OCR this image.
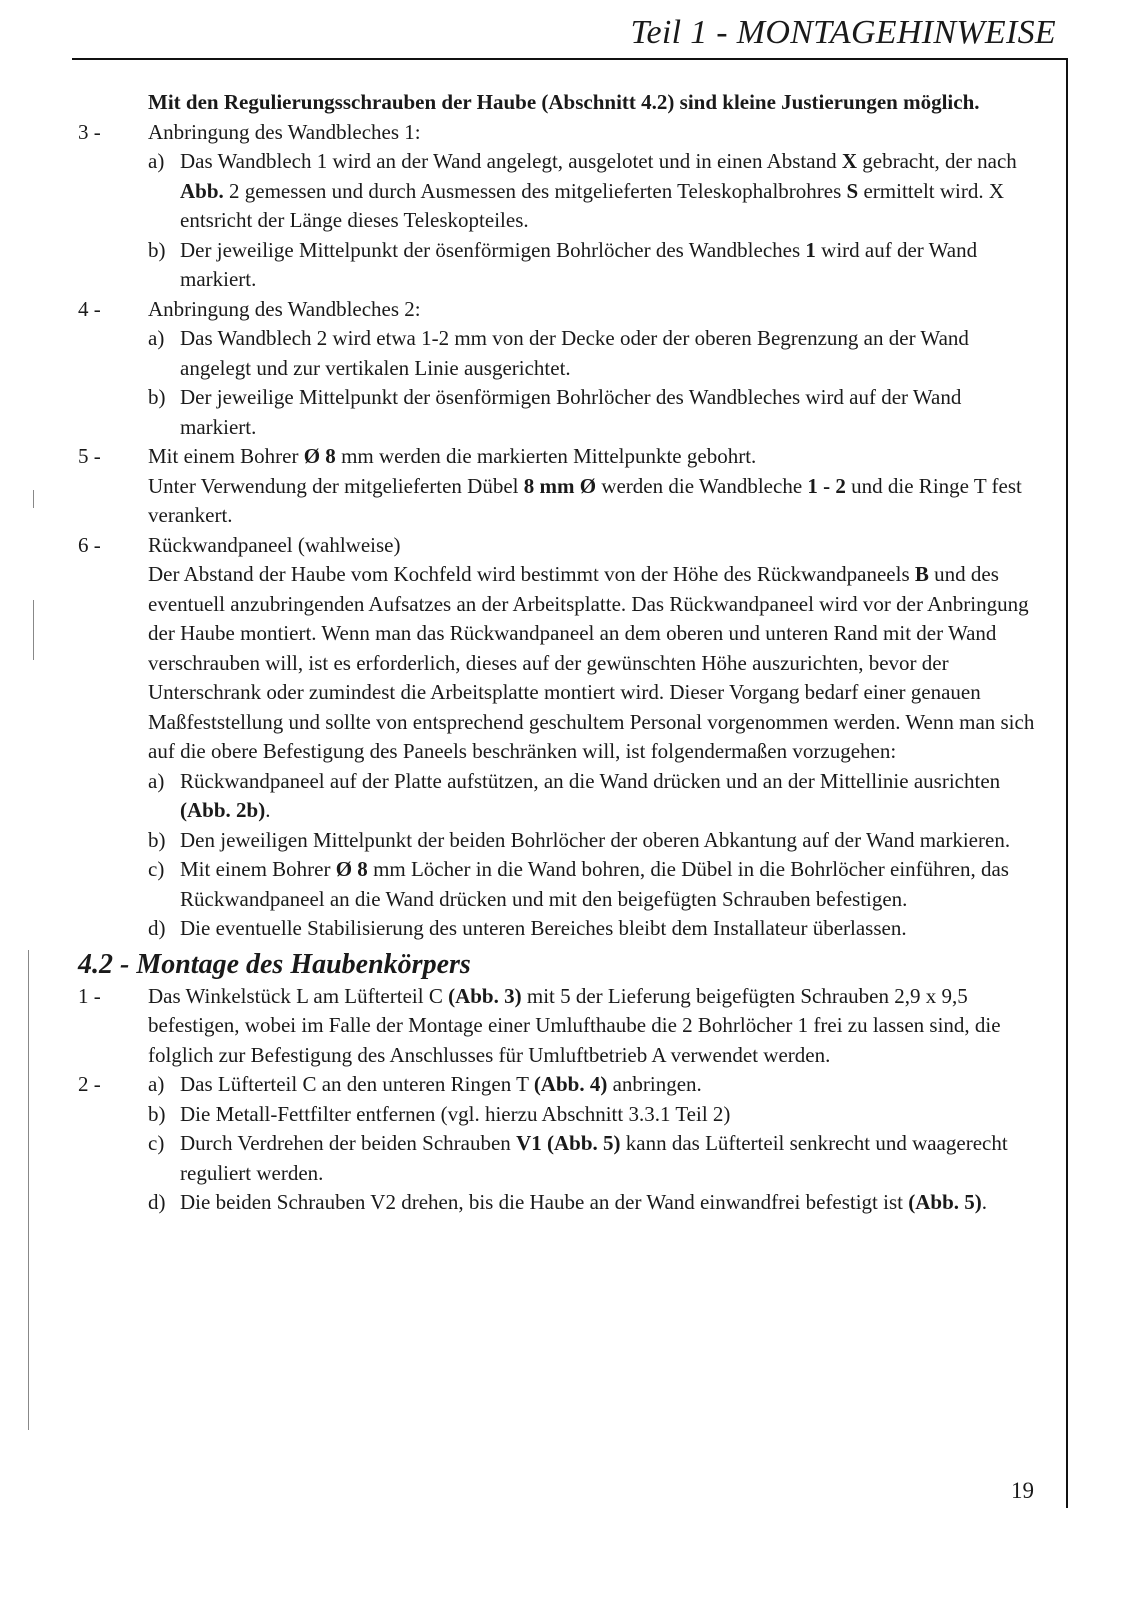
Teil 1 - MONTAGEHINWEISE
Mit den Regulierungsschrauben der Haube (Abschnitt 4.2) sind kleine Justierungen möglich.
3 -	Anbringung des Wandbleches 1:
a) Das Wandblech 1 wird an der Wand angelegt, ausgelotet und in einen Abstand X gebracht, der nach Abb. 2 gemessen und durch Ausmessen des mitgelieferten Teleskophalbrohres S ermittelt wird. X entsricht der Länge dieses Teleskopteiles.
b) Der jeweilige Mittelpunkt der ösenförmigen Bohrlöcher des Wandbleches 1 wird auf der Wand markiert.
4 -	Anbringung des Wandbleches 2:
a) Das Wandblech 2 wird etwa 1-2 mm von der Decke oder der oberen Begrenzung an der Wand angelegt und zur vertikalen Linie ausgerichtet.
b) Der jeweilige Mittelpunkt der ösenförmigen Bohrlöcher des Wandbleches wird auf der Wand markiert.
5 -	Mit einem Bohrer Ø 8 mm werden die markierten Mittelpunkte gebohrt.
Unter Verwendung der mitgelieferten Dübel 8 mm Ø werden die Wandbleche 1 - 2 und die Ringe T fest verankert.
6 -	Rückwandpaneel (wahlweise)
Der Abstand der Haube vom Kochfeld wird bestimmt von der Höhe des Rückwandpaneels B und des eventuell anzubringenden Aufsatzes an der Arbeitsplatte. Das Rückwandpaneel wird vor der Anbringung der Haube montiert. Wenn man das Rückwandpaneel an dem oberen und unteren Rand mit der Wand verschrauben will, ist es erforderlich, dieses auf der gewünschten Höhe auszurichten, bevor der Unterschrank oder zumindest die Arbeitsplatte montiert wird. Dieser Vorgang bedarf einer genauen Maßfeststellung und sollte von entsprechend geschultem Personal vorgenommen werden. Wenn man sich auf die obere Befestigung des Paneels beschränken will, ist folgendermaßen vorzugehen:
a) Rückwandpaneel auf der Platte aufstützen, an die Wand drücken und an der Mittellinie ausrichten (Abb. 2b).
b) Den jeweiligen Mittelpunkt der beiden Bohrlöcher der oberen Abkantung auf der Wand markieren.
c) Mit einem Bohrer Ø 8 mm Löcher in die Wand bohren, die Dübel in die Bohrlöcher einführen, das Rückwandpaneel an die Wand drücken und mit den beigefügten Schrauben befestigen.
d) Die eventuelle Stabilisierung des unteren Bereiches bleibt dem Installateur überlassen.
4.2 - Montage des Haubenkörpers
1 -	Das Winkelstück L am Lüfterteil C (Abb. 3) mit 5 der Lieferung beigefügten Schrauben 2,9 x 9,5 befestigen, wobei im Falle der Montage einer Umlufthaube die 2 Bohrlöcher 1 frei zu lassen sind, die folglich zur Befestigung des Anschlusses für Umluftbetrieb A verwendet werden.
2 -	a) Das Lüfterteil C an den unteren Ringen T (Abb. 4) anbringen.
b) Die Metall-Fettfilter entfernen (vgl. hierzu Abschnitt 3.3.1 Teil 2)
c) Durch Verdrehen der beiden Schrauben V1 (Abb. 5) kann das Lüfterteil senkrecht und waagerecht reguliert werden.
d) Die beiden Schrauben V2 drehen, bis die Haube an der Wand einwandfrei befestigt ist (Abb. 5).
19
